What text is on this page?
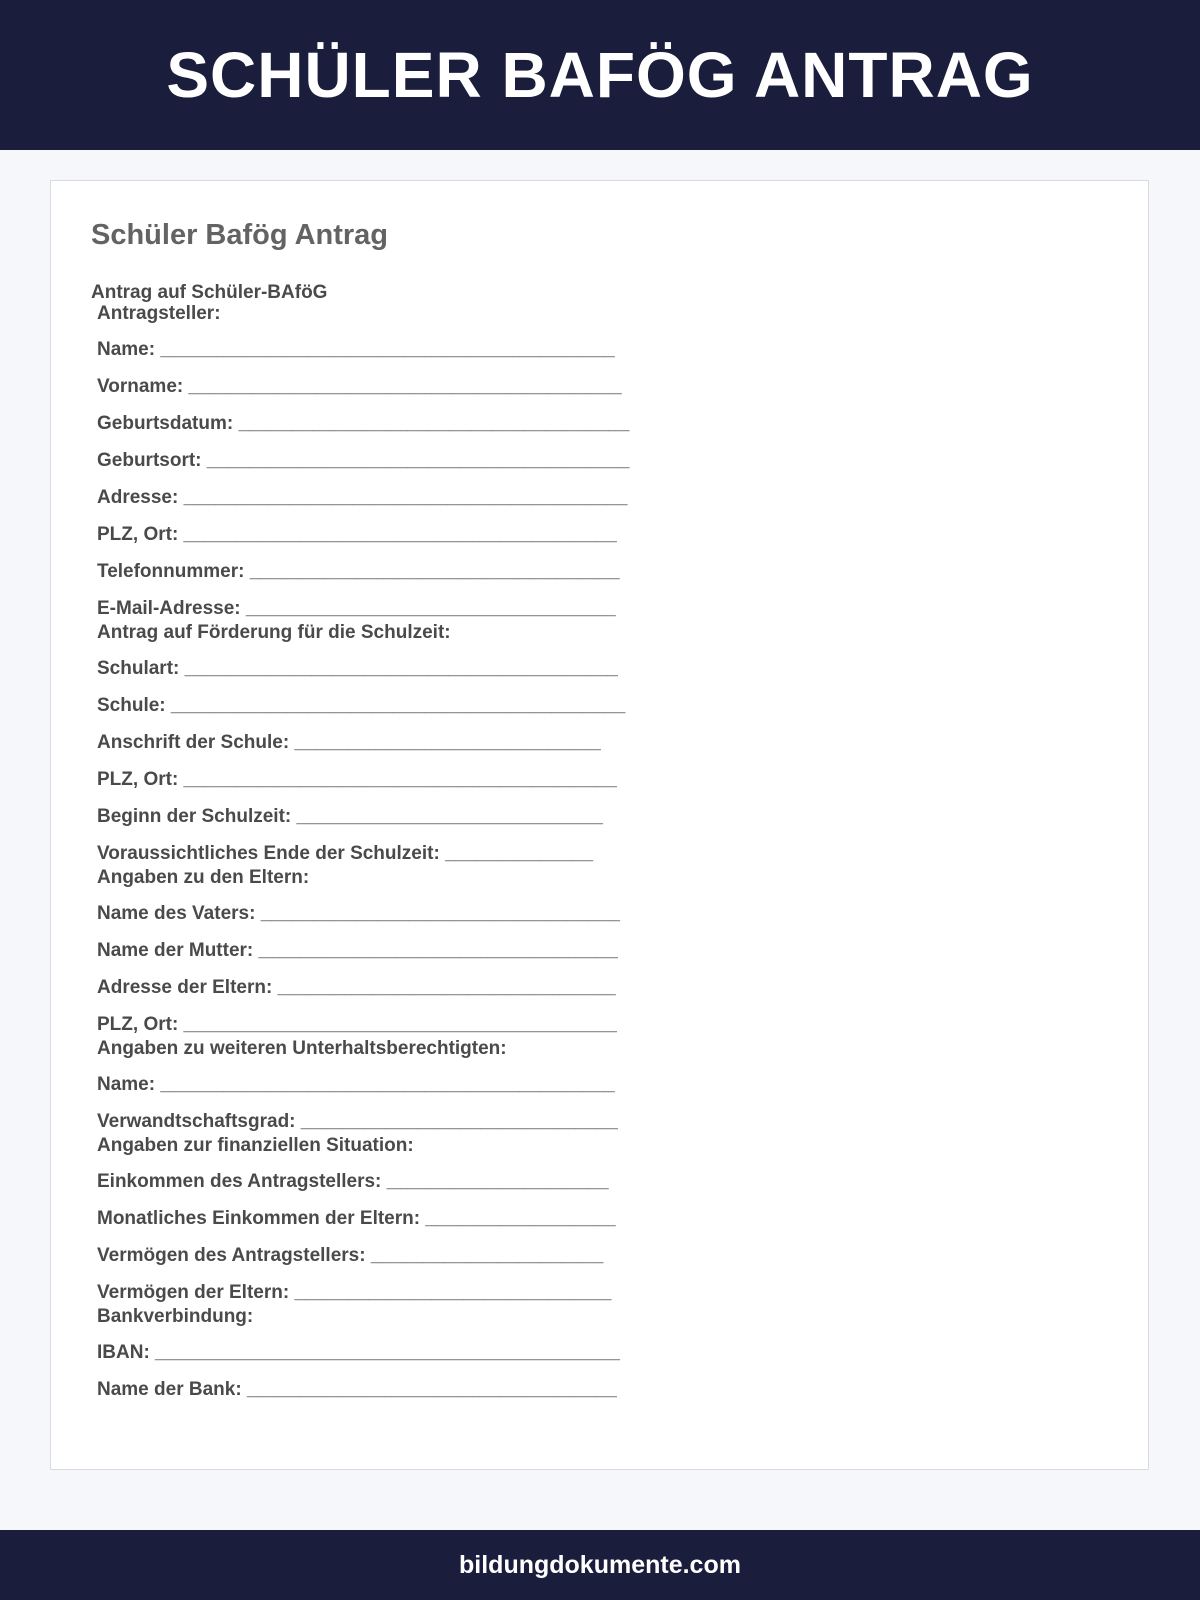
SCHÜLER BAFÖG ANTRAG
Schüler Bafög Antrag
Antrag auf Schüler-BAföG
Antragsteller:
Name: ___________________________________________
Vorname: _________________________________________
Geburtsdatum: _____________________________________
Geburtsort: ________________________________________
Adresse: __________________________________________
PLZ, Ort: _________________________________________
Telefonnummer: ___________________________________
E-Mail-Adresse: ___________________________________
Antrag auf Förderung für die Schulzeit:
Schulart: _________________________________________
Schule: ___________________________________________
Anschrift der Schule: _____________________________
PLZ, Ort: _________________________________________
Beginn der Schulzeit: _____________________________
Voraussichtliches Ende der Schulzeit: ______________
Angaben zu den Eltern:
Name des Vaters: __________________________________
Name der Mutter: __________________________________
Adresse der Eltern: ________________________________
PLZ, Ort: _________________________________________
Angaben zu weiteren Unterhaltsberechtigten:
Name: ___________________________________________
Verwandtschaftsgrad: ______________________________
Angaben zur finanziellen Situation:
Einkommen des Antragstellers: _____________________
Monatliches Einkommen der Eltern: __________________
Vermögen des Antragstellers: ______________________
Vermögen der Eltern: ______________________________
Bankverbindung:
IBAN: ____________________________________________
Name der Bank: ___________________________________
bildungdokumente.com
